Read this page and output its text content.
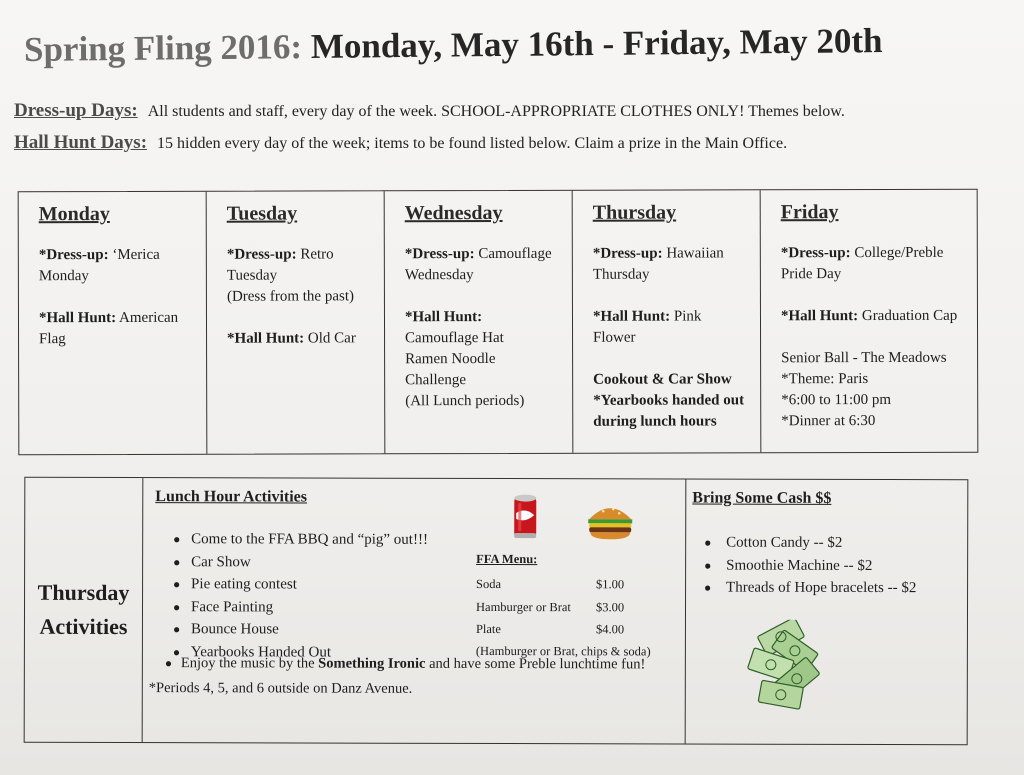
Spring Fling 2016: Monday, May 16th - Friday, May 20th
Dress-up Days: All students and staff, every day of the week. SCHOOL-APPROPRIATE CLOTHES ONLY! Themes below.
Hall Hunt Days: 15 hidden every day of the week; items to be found listed below. Claim a prize in the Main Office.
Monday
*Dress-up: ‘Merica Monday
*Hall Hunt: American Flag
Tuesday
*Dress-up: Retro Tuesday
(Dress from the past)
*Hall Hunt: Old Car
Wednesday
*Dress-up: Camouflage Wednesday
*Hall Hunt: Camouflage Hat
Ramen Noodle Challenge
(All Lunch periods)
Thursday
*Dress-up: Hawaiian Thursday
*Hall Hunt: Pink Flower
Cookout & Car Show
*Yearbooks handed out during lunch hours
Friday
*Dress-up: College/Preble Pride Day
*Hall Hunt: Graduation Cap
Senior Ball - The Meadows
*Theme: Paris
*6:00 to 11:00 pm
*Dinner at 6:30
Thursday
Activities
Lunch Hour Activities
● Come to the FFA BBQ and “pig” out!!!
● Car Show
● Pie eating contest
● Face Painting
● Bounce House
● Yearbooks Handed Out
FFA Menu:
Soda	$1.00
Hamburger or Brat $3.00
Plate	$4.00
(Hamburger or Brat, chips & soda)
● Enjoy the music by the Something Ironic and have some Preble lunchtime fun!
*Periods 4, 5, and 6 outside on Danz Avenue.
Bring Some Cash $$
● Cotton Candy -- $2
● Smoothie Machine -- $2
● Threads of Hope bracelets -- $2
